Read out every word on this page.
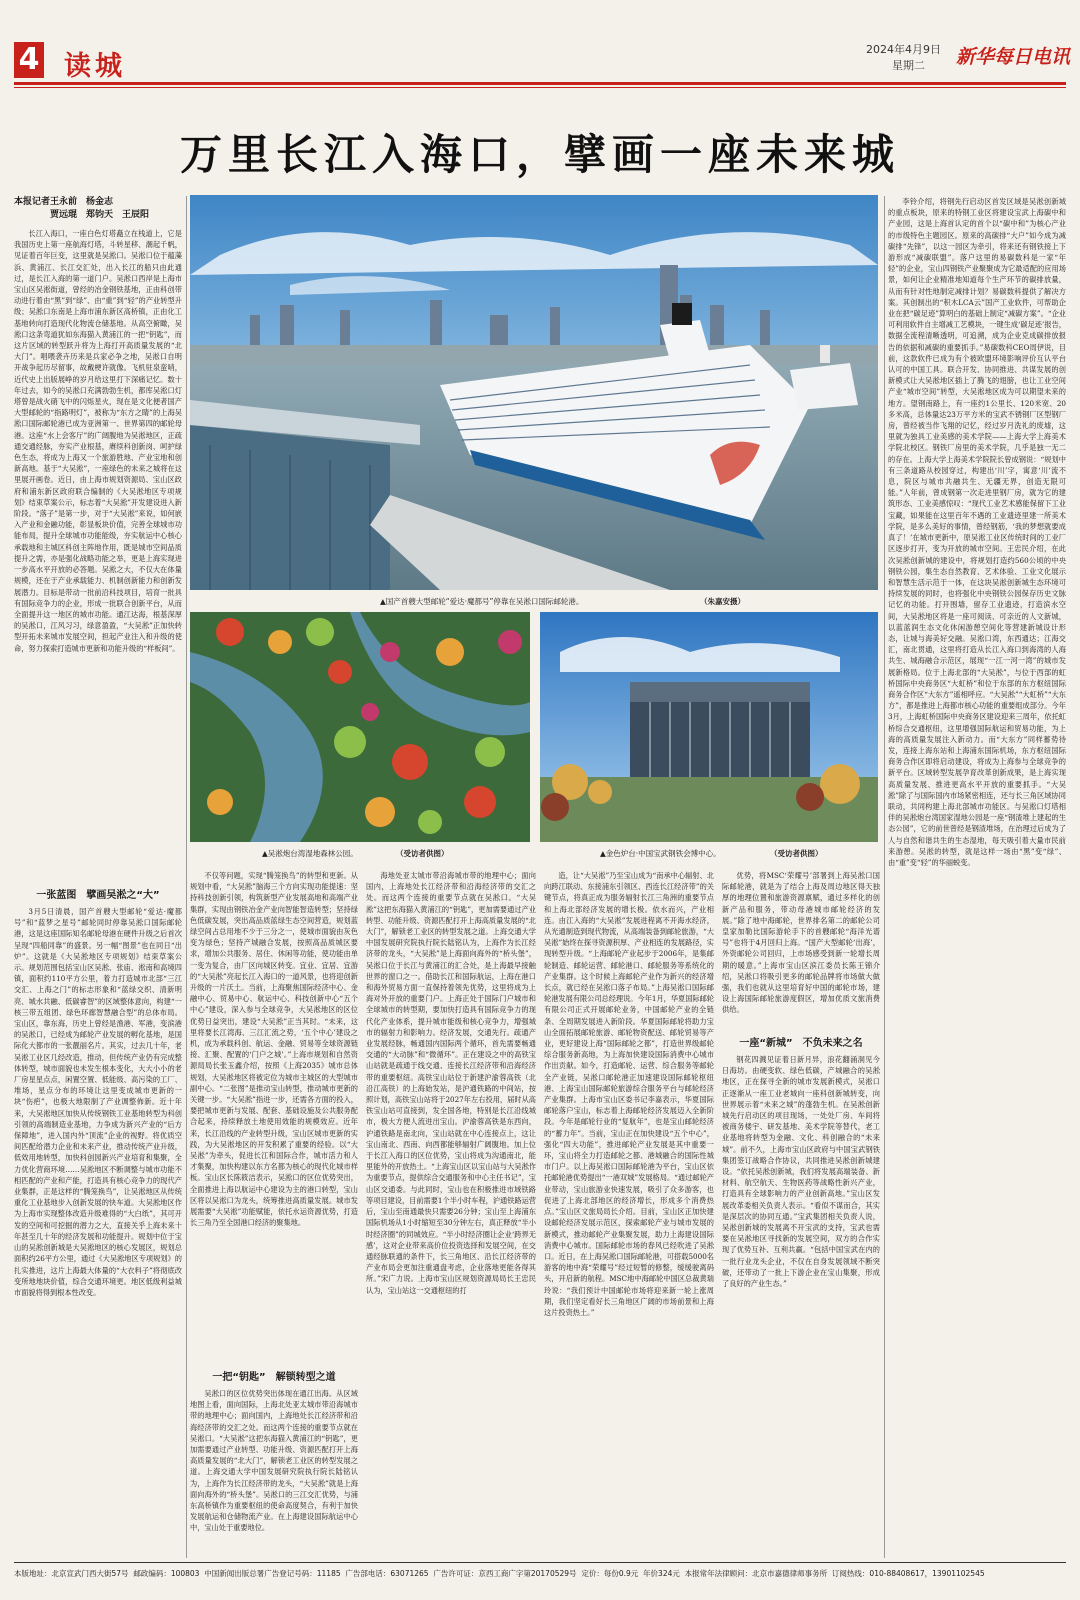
4 读城
2024年4月9日
星期二 新华每日电讯
万里长江入海口，擘画一座未来城
本报记者王永前　杨金志
　　　　贾远琨　郑钧天　王辰阳

长江入海口，一座白色灯塔矗立在栈道上，它是我国历史上第一座航海灯塔，斗转星移、潮起千帆，见证着百年巨变，这里就是吴淞口。吴淞口位于蕴藻浜、黄浦江、长江交汇处，出入长江的船只由此通过，是长江入海的第一道门户。吴淞口西岸是上海市宝山区吴淞街道，曾经的冶金钢铁基地，正由科创带动进行着由“黑”到“绿”、由“重”到“轻”的产业转型升级；吴淞口东南是上海市浦东新区高桥镇，正由化工基地转向打造现代化物流仓储基地。从高空俯瞰，吴淞口这条弯道犹如东海猫入黄浦江的一把“钥匙”，而这片区域的转型跃升将为上海打开高质量发展的“北大门”。唱喂袭卉历来是兵家必争之地，吴淞口自明开战争起历尽留事，故戴梗许就像。飞机驻泉蛮哨，近代史上出版展峥的岁月给这里打下深痛记忆。数十年过去，如今的吴淞口充满勃勃生机，都库吴淞口灯塔曾是战火硝飞中的闪烁星火，现在是文化便者国产大型邮轮的“指路明灯”，被称为“东方之睛”的上海吴淞口国际邮轮港已成为亚洲第一、世界第四的邮轮母港。这座“水上会客厅”的广阔腹地为吴淞地区，正疏通交通经脉，夯实产业根基，赓续科创新岗、呵护绿色生态，将成为上海又一个旅游胜地、产业宝地和创新高地。基于“大吴淞”，一座绿色的未来之城将在这里展开画卷。近日，由上海市规划资源局、宝山区政府和浦东新区政府联合编制的《大吴淞地区专项规划》结束草案公示，标志着“大吴淞”开发建设进入新阶段。“落子”是第一步，对于“大吴淞”来说，如何嵌入产业和金融功能，彰显板块价值，完善全球城市功能布局，提升全球城市功能能级，夯实航运中心核心承载地和主城区科创主阵地作用，既是城市空间品质提升之需，亦是强化战略功能之举，更是上海实现进一步高水平开放的必答题。吴淞之大，不仅大在体量规模，还在于产业承载能力、机制创新能力和创新发展潜力。目标是带动一批前沿科技项目，培育一批具有国际竞争力的企业，形成一批联合创新平台，从而全面提升这一地区的城市功能。通江达海，根基深厚的吴淞口，江风习习，绿意盈盈，“大吴淞”正加快转型开拓未来城市发展空间，担起产业注入和升级的使命，努力探索打造城市更新和功能升级的“样板间”。

▲国产首艘大型邮轮“爱达·魔都号”停靠在吴淞口国际邮轮港。	（朱嘉安摄）
▲吴淞炮台湾湿地森林公园。	（受访者供图）	▲金色炉台·中国宝武钢铁会博中心。	（受访者供图）

李铃介绍，将钢先行启动区首发区域是吴淞创新城的重点板块，原来的特钢工业区将建设宝武上海碳中和产业园，这是上海首认定的首个以“碳中和”为核心产业的市级特色主题园区。原来的高碳排“大户”如今成为减碳排“先锋”，以这一园区为牵引，将来还有钢铁接上下游形成“减碳联盟”。落户这里的易碳数科是一家“年轻”的企业，宝山四钢铁产业聚聚成为它最适配的应用场景，如何让企业精准地知道每个生产环节的碳排放量，从而有针对性地制定减排计划？易碳数科提供了解决方案。其创制出的“积木LCA云”国产工业软件，可帮助企业在把“碳足迹”算明白的基础上制定“减碳方案”。“企业可利用软件自主增减工艺模块，一键生成‘碳足迹’报告，数据全流程清晰透明，可追溯，成为企业克成碳排放报告的依据和减碳的重要抓手。”易碳数科CEO周伊说，目前，这款软件已成为有个被欧盟环境影响评价互认平台认可的中国工具。联合开发、协同推进、共谋发展的创新模式让大吴淞地区插上了腾飞的翅膀，也让工业空间产业“城市空间”转型，大吴淞地区成为可以期望未来的地方。望钢南路上，有一座约1公里长、120米宽、20多米高，总体量达23万平方米的宝武不锈钢厂区型钢厂房，曾经被当作飞翔的记忆，经过岁月洗礼的废墟，这里就为独具工业美感的美术学院——上海大学上海美术学院北校区。钢铁厂房里的美术学院，几乎是独一无二的存在。上海大学上海美术学院院长曾成钢说：“规划中有三条道路从校园穿过，构建出‘川’字，寓意‘川’流不息，院区与城市共融共生、无疆无界，创造无限可能。”人年前，曾成钢第一次走进里钢厂房，就为它的建筑形态、工业美感惊叹：“现代工业艺术感能保留下工业宝藏，如果能在这里百年不遇的工业遗迹里建一所美术学院，是多么美好的事情，曾经钢筋，‘我的梦想就要成真了！’在城市更新中，原吴淞工业区传统时间的工业厂区逐步打开，变为开放的城市空间。王忠民介绍，在此次吴淞创新城的建设中，将规划打造约560公顷的中央钢铁公园，集生态自然教育、艺术体验、工业文化展示和智慧生活示范于一体，在这块吴淞创新城生态环境可持续发展的同时，也将强化中央钢铁公园保存历史文脉记忆的功能。打开围墙，留存工业遗迹，打造滨水空间，大吴淞地区将是一座可阅读、可亲近的人文新城，以蓝蓝润生态文化休闲游憩空间化等营建新城设计形态，让城与海美好交融。吴淞口湾，东西通达；江海交汇，南北贯通，这里将打造从长江入海口到海湾的人海共生、城海融合示范区，展现“一江一河一湾”的城市发展新格局。位于上海北部的“大吴淞”，与位于西部的虹桥国际中央商务区“大虹桥”和位于东部的东方枢纽国际商务合作区“大东方”遥相呼应。“大吴淞”“大虹桥”“大东方”，都是推进上海都市核心功能的重要组成部分。今年3月，上海虹桥国际中央商务区建设迎来三周年，依托虹桥综合交通枢纽，这里增强国际航运和贸易功能，为上海的高质量发展注入新动力。而“大东方”同样蓄势待发，连接上海东站和上海浦东国际机场，东方枢纽国际商务合作区即将启动建设，将成为上海参与全球竞争的新平台。区域转型发展孕育改革创新成果，是上海实现高质量发展、推进更高水平开放的重要抓手。“大吴淞”除了与国际国内市场紧密相连，还与长三角区域协同联动，共同构建上海北部城市功能区。与吴淞口灯塔相伴的吴淞炮台湾国家湿地公园是一座“钢渣堆上建起的生态公园”，它的前世曾经是钢渣堆场，在治理过后成为了人与自然和谐共生的生态湿地，每天吸引着大量市民前来游憩。吴淞的转型，就是这样一场由“黑”变“绿”、由“重”变“轻”的华丽蜕变。

一张蓝图　擘画吴淞之“大”

3月5日清晨，国产首艘大型邮轮“爱达·魔都号”和“蓝梦之星号”邮轮同时停靠吴淞口国际邮轮港，这是这座国际知名邮轮母港在硬件升级之后首次呈现“四船同靠”的盛景。另一幅“图景”也在同日“出炉”。这就是《大吴淞地区专项规划》结束草案公示。规划范围包括宝山区吴淞、张庙、淞南和高境四镇，面积约110平方公里，着力打造城市北部“三江交汇、上海之门”的标志形象和“蓝绿交织、清新明亮、城水共融、低碳睿智”的区域整体意向，构建“一核三带五组团、绿色环廊智慧融合型”的总体布局。宝山区，靠东海，历史上曾经是渔港、军港，变滨港的吴淞口，已经成为邮轮产业发展的孵化基地，是国际化大都市的一张靓丽名片。其实，过去几十年，老吴淞工业区几经改造，推动，但传统产业仍有完成整体转型，城市面貌也未发生根本变化，大大小小的老厂房星星点点，闲置空置、低能级、高污染的工厂、堆场，星点分布的环境让这里变成城市更新的一块“伤疤”，也极大地限制了产业调整佈新。近十年来，大吴淞地区加快从传统钢铁工业基地转型为科创引领的高端制造业基地，力争成为新兴产业的“后方保障地”，进入国内外“顶流”企业的视野。将优质空间匹配给潜力企业和未来产业，推动传统产业升级，低效用地转型，加快科创园新兴产业培育和集聚，全力优化营商环境……吴淞地区不断调整与城市功能不相匹配的产业和产能，打造具有核心竞争力的现代产业集群，正是这样的“腾笼换鸟”，让吴淞地区从传统重化工业基地步入创新发展的快车道。大吴淞地区作为上海市实现整体改造升级难得的“大白纸”，其可开发的空间和可挖掘的潜力之大，直接关乎上海未来十年甚至几十年的经济发展和功能提升。规划中位于宝山的吴淞创新城是大吴淞地区的核心发展区，规划总面积约26平方公里，通过《大吴淞地区专项规划》的扎实推进，这片上海最大体量的“大衣料子”将彻底改变所地地块价值，综合交通环境更。地区低级利益城市面貌将得到根本性改变。

不仅等问题，实现“腾笼换鸟”的转型和更新。从规划中看，“大吴淞”脑海三个方向实现功能提速：坚持科技创新引领，构筑新型产业发展高地和高端产业集群，实现由钢铁冶金产业向智能智造转型；坚持绿色低碳发展，突出高品质蓝绿生态空间营造，规划蓝绿空间占总用地不少于三分之一，使城市面貌由灰色变为绿色；坚持产城融合发展，按照高品质城区要求，增加公共服务、居住、休闲等功能，使功能由单一变为复合，由厂区向城区转变。宜业、宜居、宜游的“大吴淞”亮起长江入海口的一道风景，也将迎创新升级的一片沃土。当前，上海聚焦国际经济中心、金融中心、贸易中心、航运中心、科技创新中心“五个中心”建设，深入参与全球竞争，大吴淞地区的区位优势日益突出，建设“大吴淞”正当其时。“未来，这里将要长江湾海、三江汇流之势，‘五个中心’建设之机，成为承载科创、航运、金融、贸易等全球资源链接、汇聚、配置的‘门户之城’。”上海市规划和自然资源局局长张玉鑫介绍，按照《上海2035》城市总体规划，大吴淞地区将被定位为城市主城区的大型城市副中心。“二张图”是推动宝山转型，推动城市更新的关键一步。“大吴淞”指进一步，还需各方面的投入，要把城市更新与发展、配套、基础设施及公共服务配合起来，持续释放土地使用效能的规模效应。近年来，长江沿线的产业转型升级，宝山区城市更新的实践，为大吴淞地区的开发积累了重要的经验。以“大吴淞”为牵头，促进长江和国际合作，城市活力和人才集聚，加快构建以东方名都为核心的现代化城市样板。宝山区长陈筱洁表示，吴淞口的区位优势突出，全面推进上海以航运中心建设为主的港口转型，宝山区将以吴淞口为龙头，统筹推进高质量发展。城市发展需要“大吴淞”功能赋能，依托水运资源优势，打造长三角乃至全国港口经济的聚集地。

一把“钥匙”　解锁转型之道

吴淞口的区位优势突出体现在通江出海。从区域地图上看，面向国际，上海北处亚太城市带沿海城市带的地理中心；面向国内，上海地处长江经济带和沿海经济带的交汇之处。而这两个连接的重要节点就在吴淞口。“大吴淞”这把东海猫入黄浦江的“钥匙”，更加需要通过产业转型、功能升级、资源匹配打开上海高质量发展的“北大门”，解锁老工业区的转型发展之道。上海交通大学中国发展研究院执行院长陆铭认为，上海作为长江经济带的龙头，“大吴淞”就是上海面向海外的“桥头堡”。吴淞口的三江交汇优势，与浦东高桥镇作为重要枢纽的使命高度契合，有利于加快发展航运和仓储物流产业。在上海建设国际航运中心中，宝山处于重要地位。

海地处亚太城市带沿海城市带的地理中心；面向国内，上海地处长江经济带和沿海经济带的交汇之处。而这两个连接的重要节点就在吴淞口。“大吴淞”这把东海猫入黄浦江的“钥匙”，更加需要通过产业转型、功能升级、资源匹配打开上海高质量发展的“北大门”，解锁老工业区的转型发展之道。上海交通大学中国发展研究院执行院长陆铭认为，上海作为长江经济带的龙头，“大吴淞”是上海面向海外的“桥头堡”，吴淞口位于长江与黄浦江的汇合处，是上海最早接触世界的窗口之一。借助长江和国际航运，上海在港口和海外贸易方面一直保持着领先优势，这里将成为上海对外开放的重要门户。上海正处于国际门户城市和全球城市的转型期，要加快打造具有国际竞争力的现代化产业体系，提升城市能级和核心竞争力，增强城市的辐射力和影响力。经济发展，交通先行。疏通产业发展经脉，畅通国内国际两个循环，首先需要畅通交通的“大动脉”和“微循环”。正在建设之中的高铁宝山站就是疏通于线交通、连接长江经济带和沿海经济带的重要枢纽。高铁宝山站位于新建沪渝蓉高铁（北沿江高铁）的上海始发站，是沪通铁路的中间站，按照计划，高铁宝山站将于2027年左右投用，届时从高铁宝山站可直接到，发全国各地，特别是长江沿线城市，极大方便人流进出宝山。沪渝蓉高铁是东西向，沪通铁路是南北向，宝山站就在中心连接点上，这让宝山南北、西南、向西都能够辐射广阔腹地。加上位于长江入海口的区位优势，宝山将成为沟通南北，能里能外的开放热土。“上海宝山区以宝山站与大吴淞作为重要节点，提供综合交通服务和中心主任书记”，宝山区交通委。与此同时，宝山也在积极推进市域铁路等项目建设，目前需要1个半小时车程，沪通铁路运营后，宝山至南通最快只需要26分钟；宝山至上海浦东国际机场从1小时缩短至30分钟左右，真正释放“半小时经济圈”的同城效应。“半小时经济圈让企业‘跨界无感’，这对企业带来高价位投资选择和发展空间，在交通经脉联通的条件下，长三角地区、沿长江经济带的产业布局会更加注重通盘考虑，企业落地更能各得其所。”宋广力说。上海市宝山区规划资源局局长王忠民认为，宝山站这一交通枢纽的打

造，让“大吴淞”乃至宝山成为“南承中心辐射、北向跨江联动、东接浦东引领区、西连长江经济带”的关键节点，将真正成为服务辐射长江三角洲的重要节点和上海北部经济发展的增长极。依水而兴，产业相连。由江入海的“大吴淞”发展进程离不开海水经济，从光通制造到现代物流，从高端装备到邮轮旅游，“大吴淞”始终在探寻资源积厚、产业相连的发展路径，实现转型升级。“上海邮轮产业起步于2006年，是集邮轮制造、邮轮运营、邮轮港口、邮轮服务等系统化的产业集群。这个时候上海邮轮产业作为新兴的经济增长点，就已经在吴淞口落子布局。”上海吴淞口国际邮轮港发展有限公司总经理说。今年1月，华夏国际邮轮有限公司正式开展邮轮业务，中国邮轮产业的全链条、全周期发展进入新阶段。华夏国际邮轮将助力宝山全面拓展邮轮旅游、邮轮物资配送、邮轮贸易等产业，更好建设上海“国际邮轮之都”，打造世界级邮轮综合服务新高地，为上海加快建设国际消费中心城市作出贡献。如今，打造邮轮、运营、综合服务等邮轮全产业链，吴淞口邮轮港正加速建设国际邮轮枢纽港、上海宝山国际邮轮旅游综合服务平台与邮轮经济产业集群。上海市宝山区委书记李嘉表示，华夏国际邮轮落户宝山，标志着上海邮轮经济发展迈入全新阶段。今年是邮轮行业的“复航年”，也是宝山邮轮经济的“蓄力年”。当前，宝山正在加快建设“五个中心”，强化“四大功能”，推进邮轮产业发展是其中重要一环，宝山将全力打造邮轮之都、港城融合的国际性城市门户。以上海吴淞口国际邮轮港为平台，宝山区依托邮轮港优势提出“一港双城”发展格局。“通过邮轮产业带动，宝山旅游业快速发展，吸引了众多游客，也促进了上海北部地区的经济增长，形成多个消费热点。”宝山区文旅局局长介绍。目前，宝山区正加快建设邮轮经济发展示范区，探索邮轮产业与城市发展的新模式，推动邮轮产业集聚发展，助力上海建设国际消费中心城市。国际邮轮市场的春风已经吹进了吴淞口。近日，在上海吴淞口国际邮轮港，可搭载5000名游客的地中海“荣耀号”经过短暂的修整，缓缓驶离码头，开启新的航程。MSC地中海邮轮中国区总裁黄瑞玲说：“我们预计中国邮轮市场将迎来新一轮上涨周期，我们坚定看好长三角地区广阔的市场前景和上海这片投资热土。”

优势，将MSC‘荣耀号’部署到上海吴淞口国际邮轮港，就是为了结合上海及周边地区得天独厚的地理位置和旅游资源禀赋，通过多样化的创新产品和服务，带动母港城市邮轮经济的发展。”除了地中海邮轮，世界排名第二的邮轮公司皇家加勒比国际游轮手下的首艘邮轮“海洋光谱号”也将于4月回归上海。“国产大型邮轮‘出海’，外资邮轮公司回归，上市场感受到新一轮增长周期的暖意。”上海市宝山区滨江委员长陈王锦介绍，吴淞口将吸引更多的邮轮品牌将市场做大做强，我们也就从这里培育好中国的邮轮市场，建设上海国际邮轮旅游度假区，增加优质文旅消费供给。

一座“新城”　不负未来之名

钢花四溅见证着日新月异，浪花翻涌洞见今日海坊。由硬变软、绿色低碳，产城融合的吴淞地区，正在探寻全新的城市发展新模式，吴淞口正逐渐从一座工业老城向一座科创新城转变，向世界展示着“未来之城”的蓬勃生机。在吴淞创新城先行启动区的项目现场，一处处厂房、车间将被商务楼宇、研发基地、美术学院等替代，老工业基地将转型为金融、文化、科创融合的“未来城”。前不久，上海市宝山区政府与中国宝武钢铁集团签订战略合作协议，共同推进吴淞创新城建设。“依托吴淞创新城，我们将发展高端装备、新材料、航空航天、生物医药等战略性新兴产业，打造具有全球影响力的产业创新高地。”宝山区发展改革委相关负责人表示。“看似不谋而合，其实是深层次的协同互通。”宝武集团相关负责人说，吴淞创新城的发展离不开宝武的支持，宝武也需要在吴淞地区寻找新的发展空间，双方的合作实现了优势互补、互利共赢。“包括中国宝武在内的一批行业龙头企业，不仅在自身发展领域不断突破，还带动了一批上下游企业在宝山集聚，形成了良好的产业生态。”

本版地址：北京宣武门西大街57号 邮政编码：100803 中国新闻出版总署广告登记号码：11185 广告部电话：63071265 广告许可证：京西工商广字第20170529号 定价：每份0.9元 年价324元 本报常年法律顾问：北京市嘉德律师事务所 订阅热线：010-88408617，13901102545
